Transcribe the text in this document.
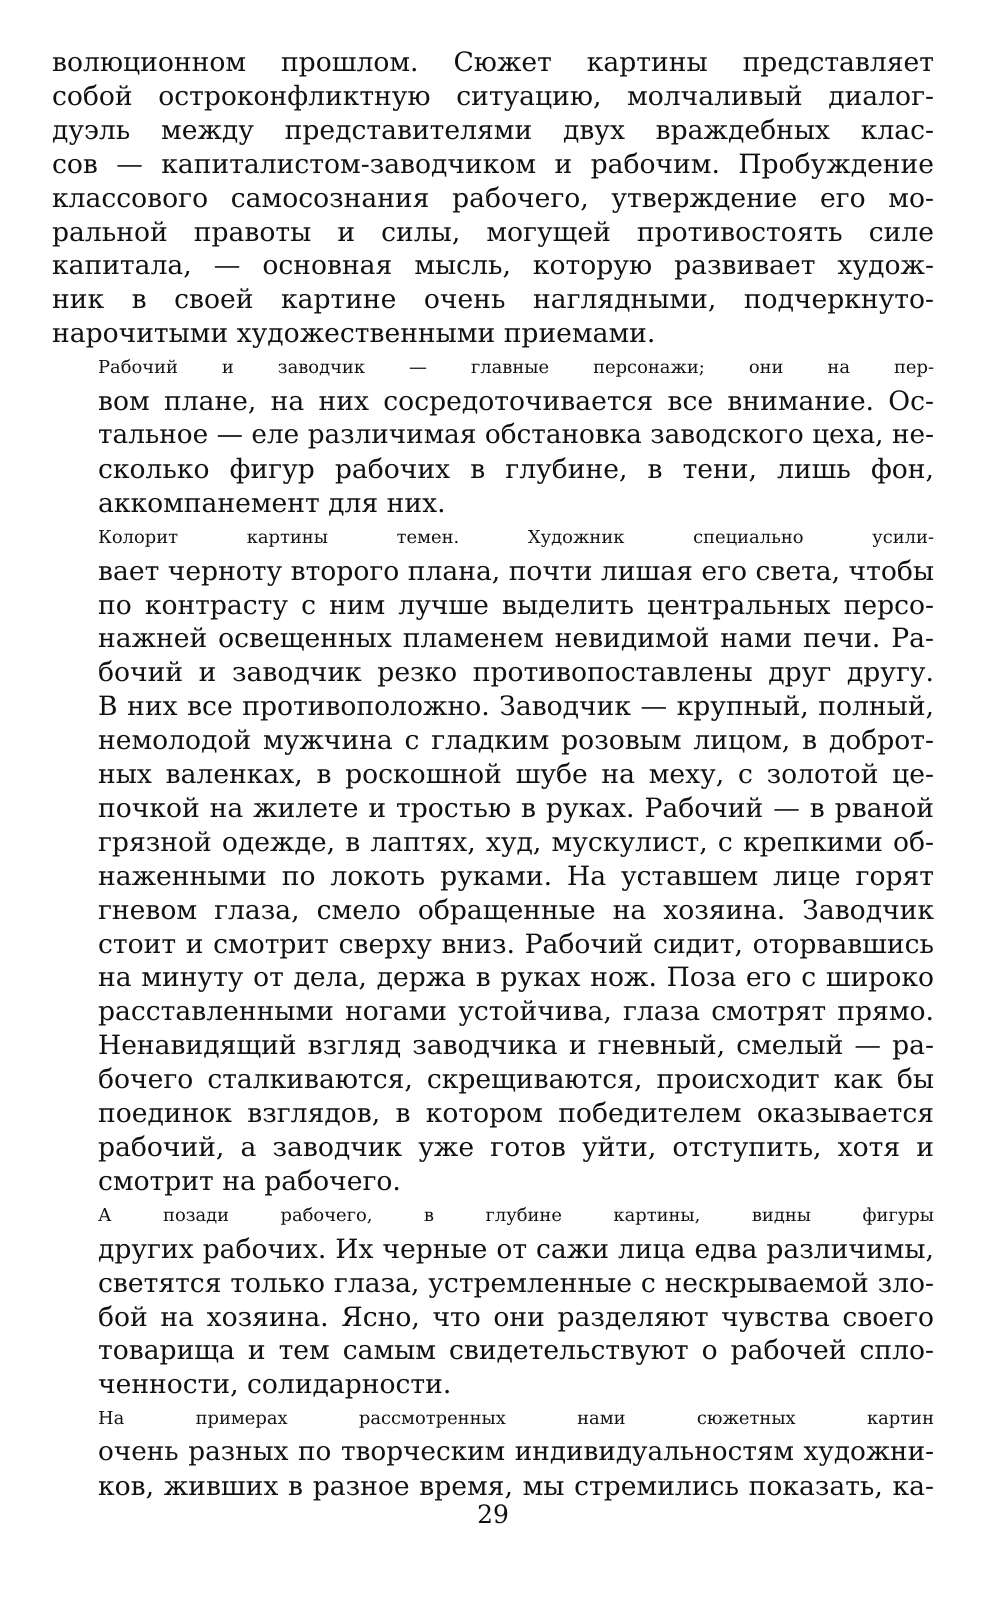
волюционном прошлом. Сюжет картины представляет
собой остроконфликтную ситуацию, молчаливый диалог-
дуэль между представителями двух враждебных клас-
сов — капиталистом-заводчиком и рабочим. Пробуждение
классового самосознания рабочего, утверждение его мо-
ральной правоты и силы, могущей противостоять силе
капитала, — основная мысль, которую развивает худож-
ник в своей картине очень наглядными, подчеркнуто-
нарочитыми художественными приемами.

Рабочий и заводчик — главные персонажи; они на пер-
вом плане, на них сосредоточивается все внимание. Ос-
тальное — еле различимая обстановка заводского цеха, не-
сколько фигур рабочих в глубине, в тени, лишь фон,
аккомпанемент для них.

Колорит картины темен. Художник специально усили-
вает черноту второго плана, почти лишая его света, чтобы
по контрасту с ним лучше выделить центральных персо-
нажней освещенных пламенем невидимой нами печи. Ра-
бочий и заводчик резко противопоставлены друг другу.
В них все противоположно. Заводчик — крупный, полный,
немолодой мужчина с гладким розовым лицом, в доброт-
ных валенках, в роскошной шубе на меху, с золотой це-
почкой на жилете и тростью в руках. Рабочий — в рваной
грязной одежде, в лаптях, худ, мускулист, с крепкими об-
наженными по локоть руками. На уставшем лице горят
гневом глаза, смело обращенные на хозяина. Заводчик
стоит и смотрит сверху вниз. Рабочий сидит, оторвавшись
на минуту от дела, держа в руках нож. Поза его с широко
расставленными ногами устойчива, глаза смотрят прямо.
Ненавидящий взгляд заводчика и гневный, смелый — ра-
бочего сталкиваются, скрещиваются, происходит как бы
поединок взглядов, в котором победителем оказывается
рабочий, а заводчик уже готов уйти, отступить, хотя и
смотрит на рабочего.

А позади рабочего, в глубине картины, видны фигуры
других рабочих. Их черные от сажи лица едва различимы,
светятся только глаза, устремленные с нескрываемой зло-
бой на хозяина. Ясно, что они разделяют чувства своего
товарища и тем самым свидетельствуют о рабочей спло-
ченности, солидарности.

На примерах рассмотренных нами сюжетных картин
очень разных по творческим индивидуальностям художни-
ков, живших в разное время, мы стремились показать, ка-

29
